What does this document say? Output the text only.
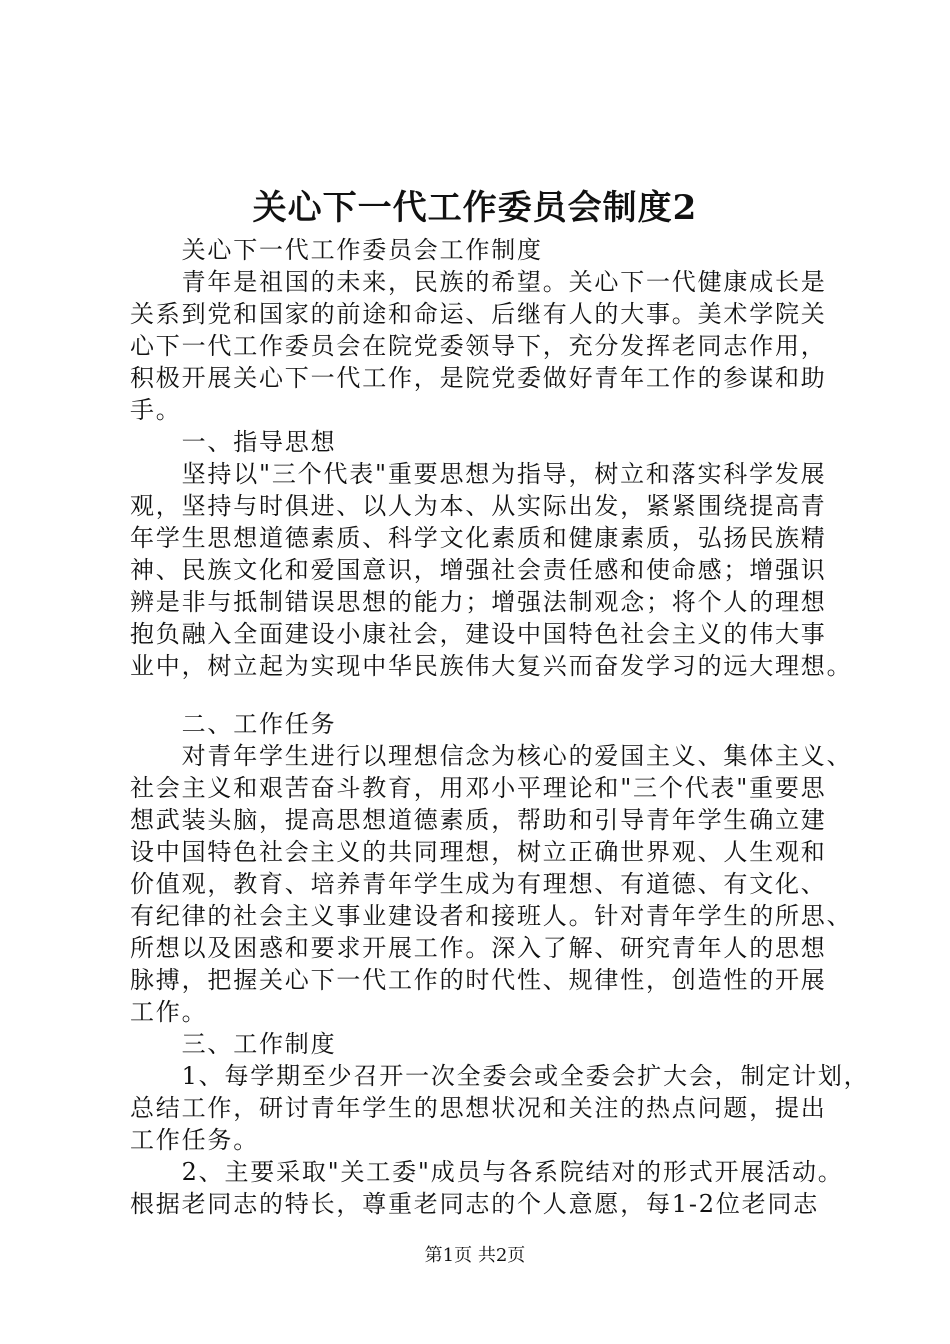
关心下一代工作委员会制度2
　　关心下一代工作委员会工作制度
　　青年是祖国的未来，民族的希望。关心下一代健康成长是
关系到党和国家的前途和命运、后继有人的大事。美术学院关
心下一代工作委员会在院党委领导下，充分发挥老同志作用，
积极开展关心下一代工作，是院党委做好青年工作的参谋和助
手。
　　一、指导思想
　　坚持以"三个代表"重要思想为指导，树立和落实科学发展
观，坚持与时俱进、以人为本、从实际出发，紧紧围绕提高青
年学生思想道德素质、科学文化素质和健康素质，弘扬民族精
神、民族文化和爱国意识，增强社会责任感和使命感；增强识
辨是非与抵制错误思想的能力；增强法制观念；将个人的理想
抱负融入全面建设小康社会，建设中国特色社会主义的伟大事
业中，树立起为实现中华民族伟大复兴而奋发学习的远大理想。
　　二、工作任务
　　对青年学生进行以理想信念为核心的爱国主义、集体主义、
社会主义和艰苦奋斗教育，用邓小平理论和"三个代表"重要思
想武装头脑，提高思想道德素质，帮助和引导青年学生确立建
设中国特色社会主义的共同理想，树立正确世界观、人生观和
价值观，教育、培养青年学生成为有理想、有道德、有文化、
有纪律的社会主义事业建设者和接班人。针对青年学生的所思、
所想以及困惑和要求开展工作。深入了解、研究青年人的思想
脉搏，把握关心下一代工作的时代性、规律性，创造性的开展
工作。
　　三、工作制度
　　1、每学期至少召开一次全委会或全委会扩大会，制定计划，
总结工作，研讨青年学生的思想状况和关注的热点问题，提出
工作任务。
　　2、主要采取"关工委"成员与各系院结对的形式开展活动。
根据老同志的特长，尊重老同志的个人意愿，每1-2位老同志
第1页 共2页
